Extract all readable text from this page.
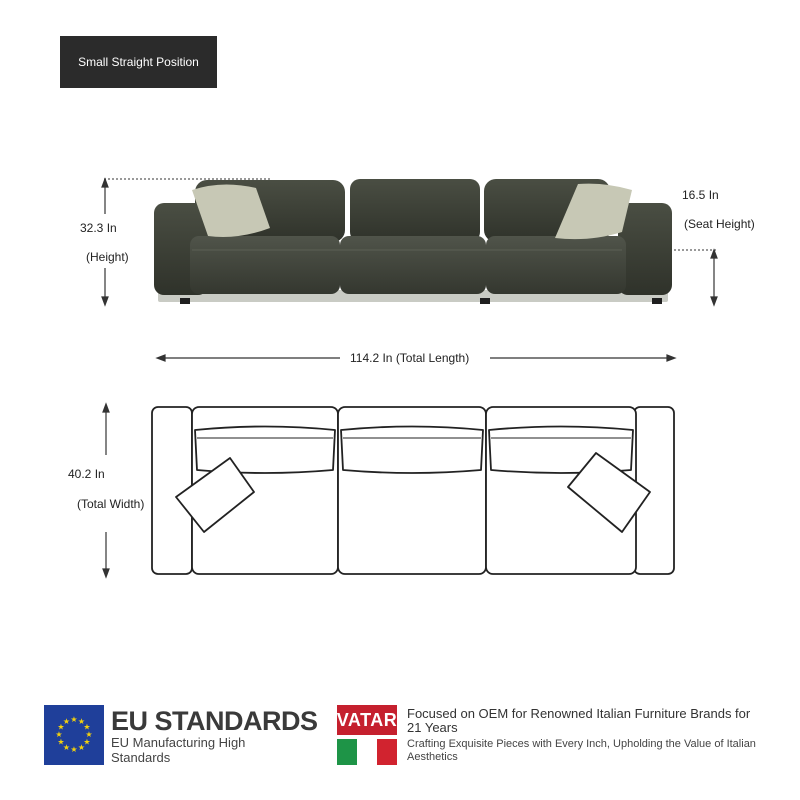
Small Straight Position
32.3 In
(Height)
16.5 In
(Seat Height)
114.2 In (Total Length)
40.2 In
(Total Width)
★ ★
★
★
★
★
★
★
★
★
★
★ EU STANDARDS
EU Manufacturing High Standards
VATAR Focused on OEM for Renowned Italian Furniture Brands for 21 Years
Crafting Exquisite Pieces with Every Inch, Upholding the Value of Italian Aesthetics
